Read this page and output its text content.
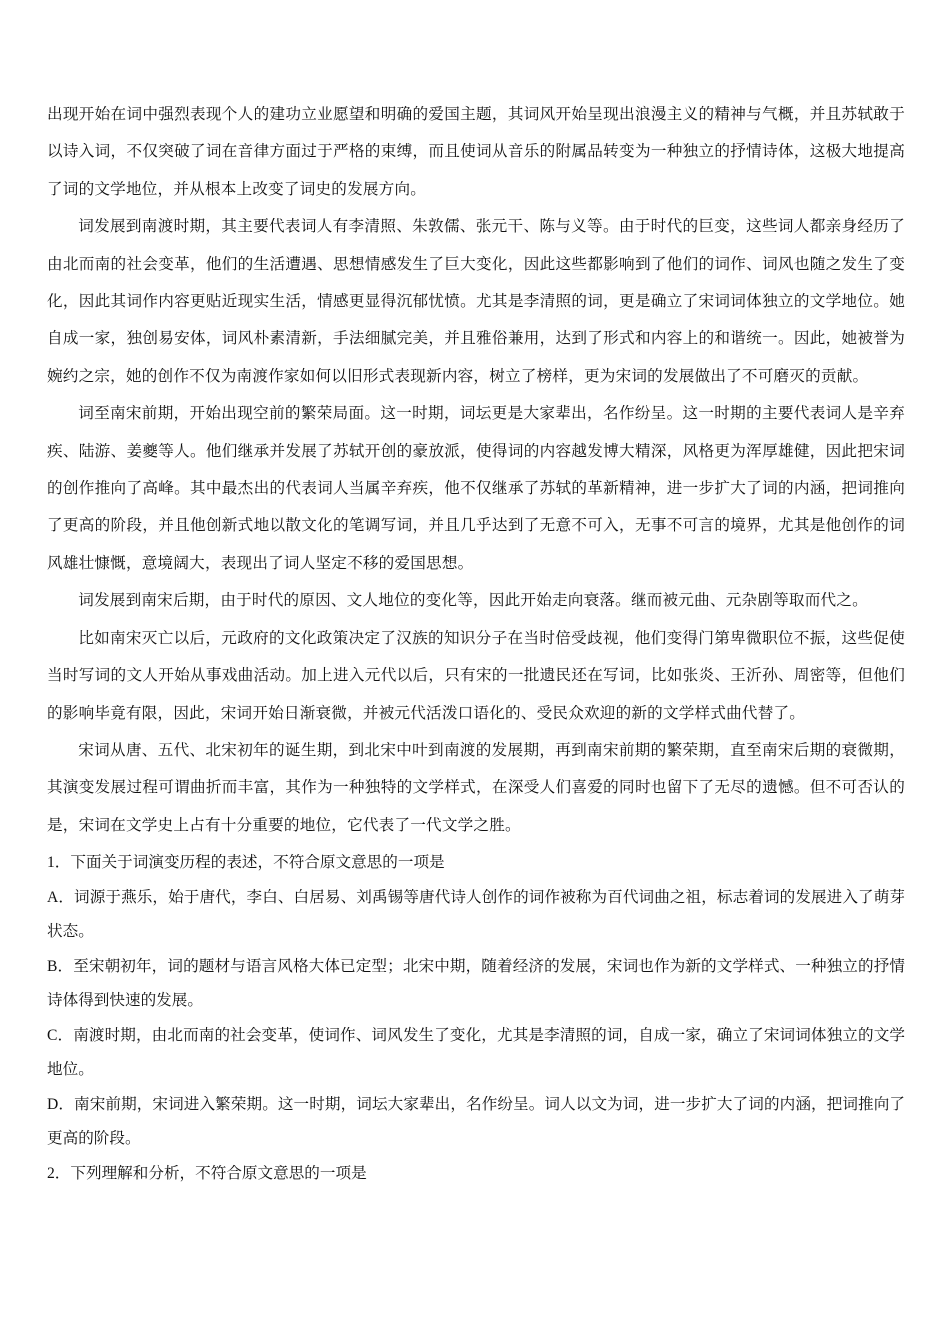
出现开始在词中强烈表现个人的建功立业愿望和明确的爱国主题，其词风开始呈现出浪漫主义的精神与气概，并且苏轼敢于以诗入词，不仅突破了词在音律方面过于严格的束缚，而且使词从音乐的附属品转变为一种独立的抒情诗体，这极大地提高了词的文学地位，并从根本上改变了词史的发展方向。

词发展到南渡时期，其主要代表词人有李清照、朱敦儒、张元干、陈与义等。由于时代的巨变，这些词人都亲身经历了由北而南的社会变革，他们的生活遭遇、思想情感发生了巨大变化，因此这些都影响到了他们的词作、词风也随之发生了变化，因此其词作内容更贴近现实生活，情感更显得沉郁忧愤。尤其是李清照的词，更是确立了宋词词体独立的文学地位。她自成一家，独创易安体，词风朴素清新，手法细腻完美，并且雅俗兼用，达到了形式和内容上的和谐统一。因此，她被誉为婉约之宗，她的创作不仅为南渡作家如何以旧形式表现新内容，树立了榜样，更为宋词的发展做出了不可磨灭的贡献。

词至南宋前期，开始出现空前的繁荣局面。这一时期，词坛更是大家辈出，名作纷呈。这一时期的主要代表词人是辛弃疾、陆游、姜夔等人。他们继承并发展了苏轼开创的豪放派，使得词的内容越发博大精深，风格更为浑厚雄健，因此把宋词的创作推向了高峰。其中最杰出的代表词人当属辛弃疾，他不仅继承了苏轼的革新精神，进一步扩大了词的内涵，把词推向了更高的阶段，并且他创新式地以散文化的笔调写词，并且几乎达到了无意不可入，无事不可言的境界，尤其是他创作的词风雄壮慷慨，意境阔大，表现出了词人坚定不移的爱国思想。

词发展到南宋后期，由于时代的原因、文人地位的变化等，因此开始走向衰落。继而被元曲、元杂剧等取而代之。

比如南宋灭亡以后，元政府的文化政策决定了汉族的知识分子在当时倍受歧视，他们变得门第卑微职位不振，这些促使当时写词的文人开始从事戏曲活动。加上进入元代以后，只有宋的一批遗民还在写词，比如张炎、王沂孙、周密等，但他们的影响毕竟有限，因此，宋词开始日渐衰微，并被元代活泼口语化的、受民众欢迎的新的文学样式曲代替了。

宋词从唐、五代、北宋初年的诞生期，到北宋中叶到南渡的发展期，再到南宋前期的繁荣期，直至南宋后期的衰微期，其演变发展过程可谓曲折而丰富，其作为一种独特的文学样式，在深受人们喜爱的同时也留下了无尽的遗憾。但不可否认的是，宋词在文学史上占有十分重要的地位，它代表了一代文学之胜。

1．下面关于词演变历程的表述，不符合原文意思的一项是

A．词源于燕乐，始于唐代，李白、白居易、刘禹锡等唐代诗人创作的词作被称为百代词曲之祖，标志着词的发展进入了萌芽状态。

B．至宋朝初年，词的题材与语言风格大体已定型；北宋中期，随着经济的发展，宋词也作为新的文学样式、一种独立的抒情诗体得到快速的发展。

C．南渡时期，由北而南的社会变革，使词作、词风发生了变化，尤其是李清照的词，自成一家，确立了宋词词体独立的文学地位。

D．南宋前期，宋词进入繁荣期。这一时期，词坛大家辈出，名作纷呈。词人以文为词，进一步扩大了词的内涵，把词推向了更高的阶段。

2．下列理解和分析，不符合原文意思的一项是
